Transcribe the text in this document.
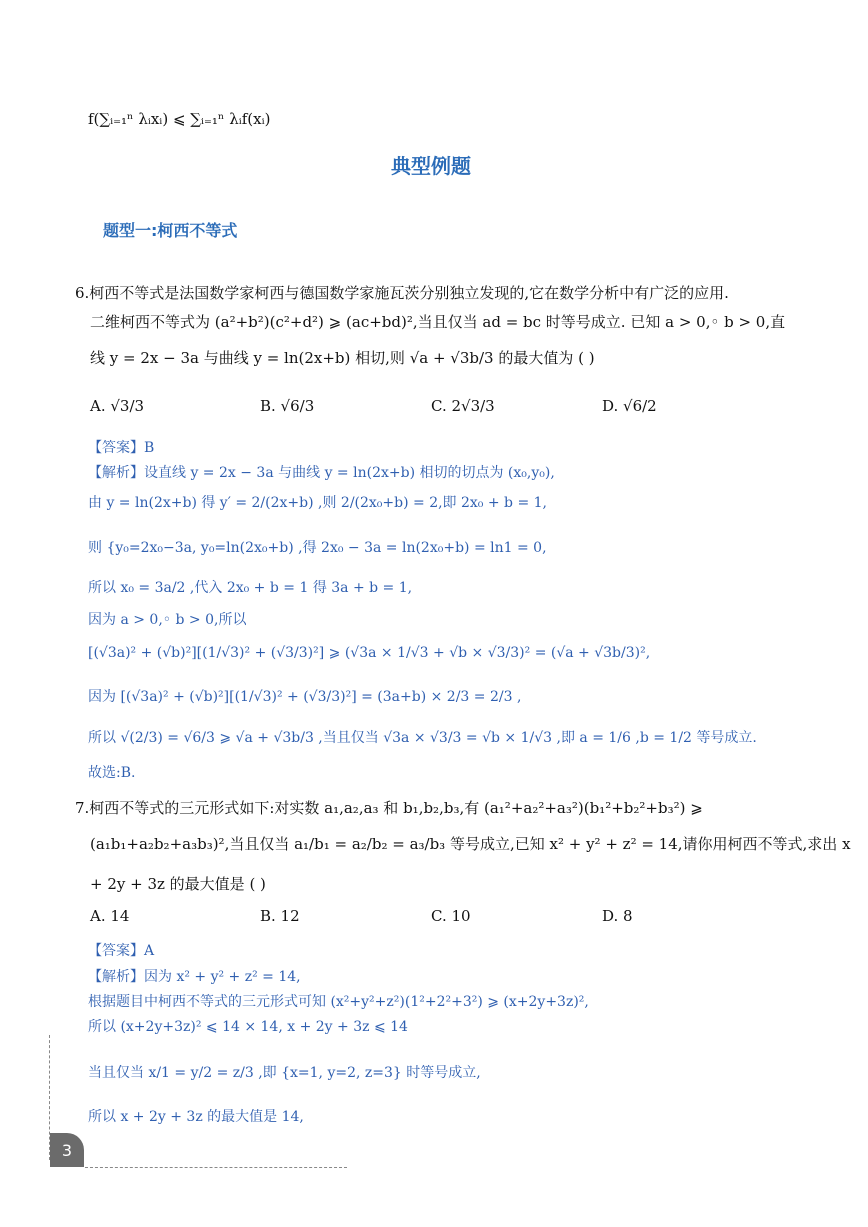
f(∑ᵢ₌₁ⁿ λᵢxᵢ) ⩽ ∑ᵢ₌₁ⁿ λᵢf(xᵢ)
典型例题
题型一:柯西不等式
6.柯西不等式是法国数学家柯西与德国数学家施瓦茨分别独立发现的,它在数学分析中有广泛的应用.
二维柯西不等式为 (a²+b²)(c²+d²) ⩾ (ac+bd)²,当且仅当 ad = bc 时等号成立. 已知 a > 0,◦ b > 0,直
线 y = 2x − 3a 与曲线 y = ln(2x+b) 相切,则 √a + √3b/3 的最大值为 ( )
A. √3/3	B. √6/3	C. 2√3/3	D. √6/2
【答案】B
【解析】设直线 y = 2x − 3a 与曲线 y = ln(2x+b) 相切的切点为 (x₀,y₀),
由 y = ln(2x+b) 得 y′ = 2/(2x+b) ,则 2/(2x₀+b) = 2,即 2x₀ + b = 1,
则 {y₀=2x₀−3a, y₀=ln(2x₀+b) ,得 2x₀ − 3a = ln(2x₀+b) = ln1 = 0,
所以 x₀ = 3a/2 ,代入 2x₀ + b = 1 得 3a + b = 1,
因为 a > 0,◦ b > 0,所以
[(√3a)² + (√b)²][(1/√3)² + (√3/3)²] ⩾ (√3a × 1/√3 + √b × √3/3)² = (√a + √3b/3)²,
因为 [(√3a)² + (√b)²][(1/√3)² + (√3/3)²] = (3a+b) × 2/3 = 2/3 ,
所以 √(2/3) = √6/3 ⩾ √a + √3b/3 ,当且仅当 √3a × √3/3 = √b × 1/√3 ,即 a = 1/6 ,b = 1/2 等号成立.
故选:B.
7.柯西不等式的三元形式如下:对实数 a₁,a₂,a₃ 和 b₁,b₂,b₃,有 (a₁²+a₂²+a₃²)(b₁²+b₂²+b₃²) ⩾
(a₁b₁+a₂b₂+a₃b₃)²,当且仅当 a₁/b₁ = a₂/b₂ = a₃/b₃ 等号成立,已知 x² + y² + z² = 14,请你用柯西不等式,求出 x
+ 2y + 3z 的最大值是 ( )
A. 14	B. 12	C. 10	D. 8
【答案】A
【解析】因为 x² + y² + z² = 14,
根据题目中柯西不等式的三元形式可知 (x²+y²+z²)(1²+2²+3²) ⩾ (x+2y+3z)²,
所以 (x+2y+3z)² ⩽ 14 × 14, x + 2y + 3z ⩽ 14
当且仅当 x/1 = y/2 = z/3 ,即 {x=1, y=2, z=3} 时等号成立,
所以 x + 2y + 3z 的最大值是 14,
3
